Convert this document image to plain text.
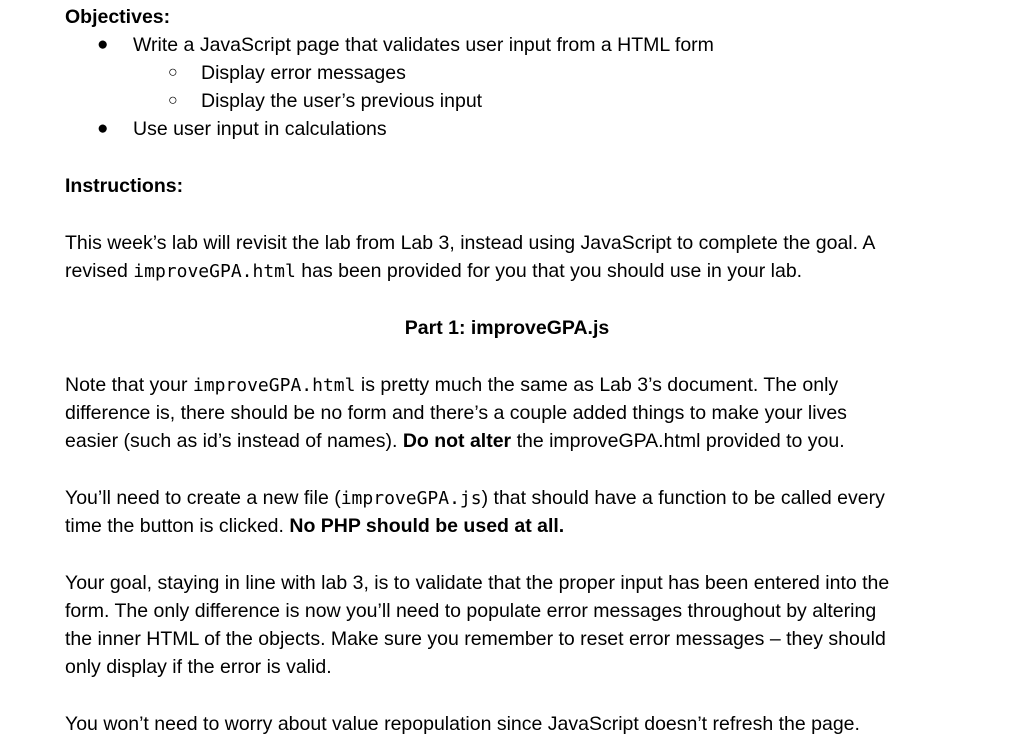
Objectives:
● Write a JavaScript page that validates user input from a HTML form
○ Display error messages
○ Display the user’s previous input
● Use user input in calculations
Instructions:
This week’s lab will revisit the lab from Lab 3, instead using JavaScript to complete the goal. A
revised improveGPA.html has been provided for you that you should use in your lab.
Part 1: improveGPA.js
Note that your improveGPA.html is pretty much the same as Lab 3’s document. The only
difference is, there should be no form and there’s a couple added things to make your lives
easier (such as id’s instead of names). Do not alter the improveGPA.html provided to you.
You’ll need to create a new file (improveGPA.js) that should have a function to be called every
time the button is clicked. No PHP should be used at all.
Your goal, staying in line with lab 3, is to validate that the proper input has been entered into the
form. The only difference is now you’ll need to populate error messages throughout by altering
the inner HTML of the objects. Make sure you remember to reset error messages – they should
only display if the error is valid.
You won’t need to worry about value repopulation since JavaScript doesn’t refresh the page.
